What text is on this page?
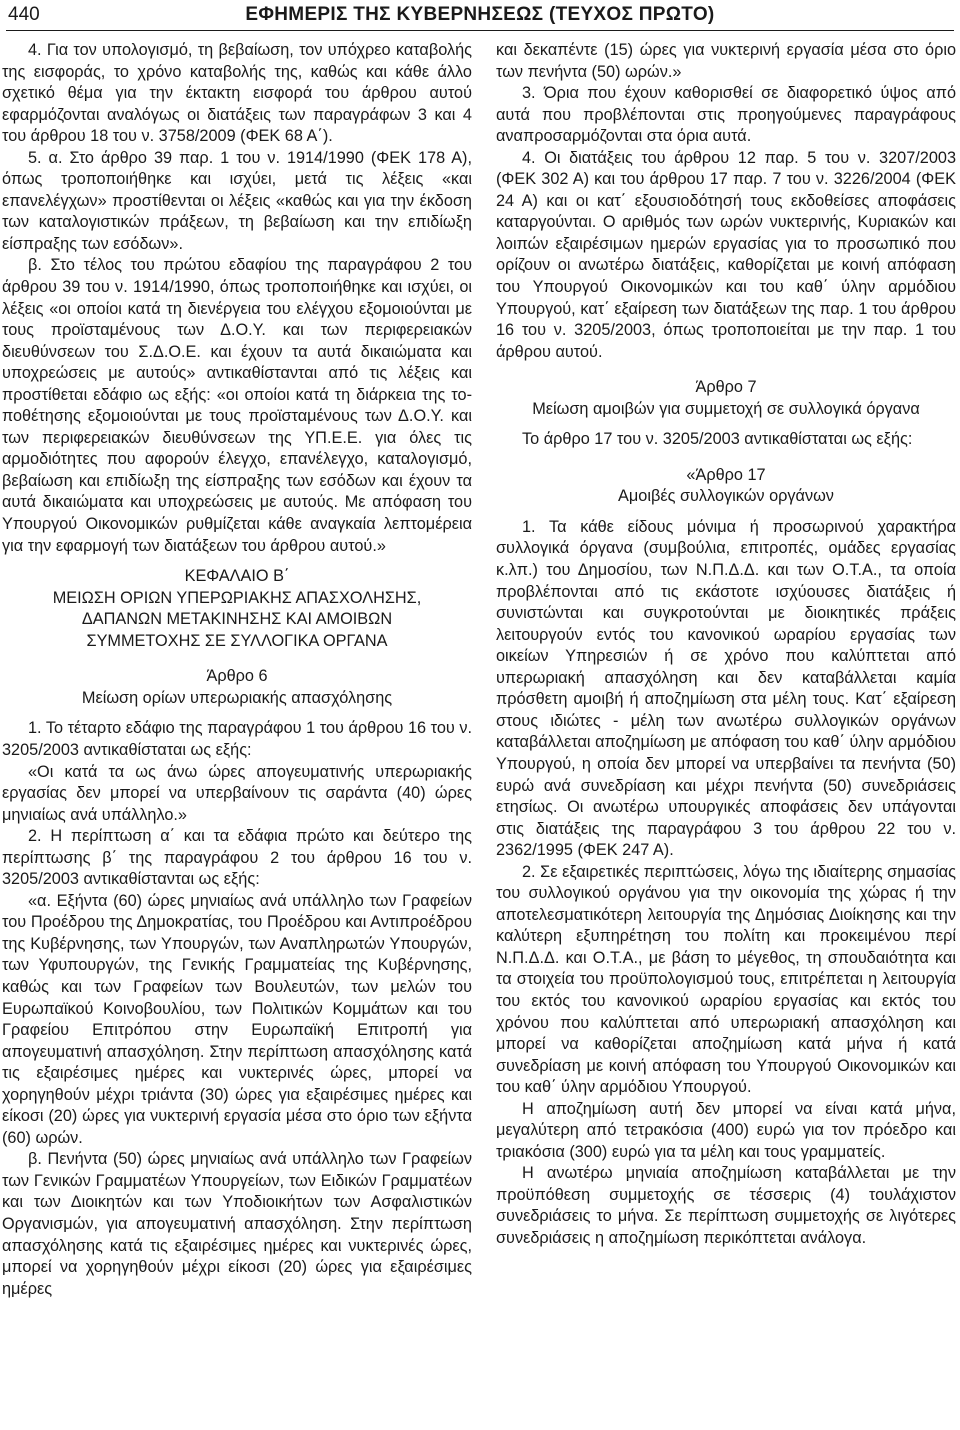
440	ΕΦΗΜΕΡΙΣ ΤΗΣ ΚΥΒΕΡΝΗΣΕΩΣ (ΤΕΥΧΟΣ ΠΡΩΤΟ)

4. Για τον υπολογισμό, τη βεβαίωση, τον υπόχρεο καταβολής της εισφοράς, το χρόνο καταβολής της, καθώς και κάθε άλλο σχετικό θέμα για την έκτακτη εισφορά του άρθρου αυτού εφαρμόζονται αναλόγως οι διατάξεις των παραγράφων 3 και 4 του άρθρου 18 του ν. 3758/2009 (ΦΕΚ 68 Α΄).

5. α. Στο άρθρο 39 παρ. 1 του ν. 1914/1990 (ΦΕΚ 178 Α), όπως τροποποιήθηκε και ισχύει, μετά τις λέξεις «και επανελέγχων» προστίθενται οι λέξεις «καθώς και για την έκδοση των καταλογιστικών πράξεων, τη βεβαίωση και την επιδίωξη είσπραξης των εσόδων».

β. Στο τέλος του πρώτου εδαφίου της παραγράφου 2 του άρθρου 39 του ν. 1914/1990, όπως τροποποιήθηκε και ισχύει, οι λέξεις «οι οποίοι κατά τη διενέργεια του ελέγχου εξομοιούνται με τους προϊσταμένους των Δ.Ο.Υ. και των περιφερειακών διευθύνσεων του Σ.Δ.Ο.Ε. και έχουν τα αυτά δικαιώματα και υποχρεώσεις με αυτούς» αντικαθίστανται από τις λέξεις και προστίθεται εδάφιο ως εξής: «οι οποίοι κατά τη διάρκεια της τοποθέτησης εξομοιούνται με τους προϊσταμένους των Δ.Ο.Υ. και των περιφερειακών διευθύνσεων της ΥΠ.Ε.Ε. για όλες τις αρμοδιότητες που αφορούν έλεγχο, επανέλεγχο, καταλογισμό, βεβαίωση και επιδίωξη της είσπραξης των εσόδων και έχουν τα αυτά δικαιώματα και υποχρεώσεις με αυτούς. Με απόφαση του Υπουργού Οικονομικών ρυθμίζεται κάθε αναγκαία λεπτομέρεια για την εφαρμογή των διατάξεων του άρθρου αυτού.»

ΚΕΦΑΛΑΙΟ Β΄

ΜΕΙΩΣΗ ΟΡΙΩΝ ΥΠΕΡΩΡΙΑΚΗΣ ΑΠΑΣΧΟΛΗΣΗΣ,

ΔΑΠΑΝΩΝ ΜΕΤΑΚΙΝΗΣΗΣ ΚΑΙ ΑΜΟΙΒΩΝ

ΣΥΜΜΕΤΟΧΗΣ ΣΕ ΣΥΛΛΟΓΙΚΑ ΟΡΓΑΝΑ

Άρθρο 6

Μείωση ορίων υπερωριακής απασχόλησης

1. Το τέταρτο εδάφιο της παραγράφου 1 του άρθρου 16 του ν. 3205/2003 αντικαθίσταται ως εξής:

«Οι κατά τα ως άνω ώρες απογευματινής υπερωριακής εργασίας δεν μπορεί να υπερβαίνουν τις σαράντα (40) ώρες μηνιαίως ανά υπάλληλο.»

2. Η περίπτωση α΄ και τα εδάφια πρώτο και δεύτερο της περίπτωσης β΄ της παραγράφου 2 του άρθρου 16 του ν. 3205/2003 αντικαθίστανται ως εξής:

«α. Εξήντα (60) ώρες μηνιαίως ανά υπάλληλο των Γραφείων του Προέδρου της Δημοκρατίας, του Προέδρου και Αντιπροέδρου της Κυβέρνησης, των Υπουργών, των Αναπληρωτών Υπουργών, των Υφυπουργών, της Γενικής Γραμματείας της Κυβέρνησης, καθώς και των Γραφείων των Βουλευτών, των μελών του Ευρωπαϊκού Κοινοβουλίου, των Πολιτικών Κομμάτων και του Γραφείου Επιτρόπου στην Ευρωπαϊκή Επιτροπή για απογευματινή απασχόληση. Στην περίπτωση απασχόλησης κατά τις εξαιρέσιμες ημέρες και νυκτερινές ώρες, μπορεί να χορηγηθούν μέχρι τριάντα (30) ώρες για εξαιρέσιμες ημέρες και είκοσι (20) ώρες για νυκτερινή εργασία μέσα στο όριο των εξήντα (60) ωρών.

β. Πενήντα (50) ώρες μηνιαίως ανά υπάλληλο των Γραφείων των Γενικών Γραμματέων Υπουργείων, των Ειδικών Γραμματέων και των Διοικητών και των Υποδιοικήτων των Ασφαλιστικών Οργανισμών, για απογευματινή απασχόληση. Στην περίπτωση απασχόλησης κατά τις εξαιρέσιμες ημέρες και νυκτερινές ώρες, μπορεί να χορηγηθούν μέχρι είκοσι (20) ώρες για εξαιρέσιμες ημέρες

και δεκαπέντε (15) ώρες για νυκτερινή εργασία μέσα στο όριο των πενήντα (50) ωρών.»

3. Όρια που έχουν καθορισθεί σε διαφορετικό ύψος από αυτά που προβλέπονται στις προηγούμενες παραγράφους αναπροσαρμόζονται στα όρια αυτά.

4. Οι διατάξεις του άρθρου 12 παρ. 5 του ν. 3207/2003 (ΦΕΚ 302 Α) και του άρθρου 17 παρ. 7 του ν. 3226/2004 (ΦΕΚ 24 Α) και οι κατ΄ εξουσιοδότησή τους εκδοθείσες αποφάσεις καταργούνται. Ο αριθμός των ωρών νυκτερινής, Κυριακών και λοιπών εξαιρέσιμων ημερών εργασίας για το προσωπικό που ορίζουν οι ανωτέρω διατάξεις, καθορίζεται με κοινή απόφαση του Υπουργού Οικονομικών και του καθ΄ ύλην αρμόδιου Υπουργού, κατ΄ εξαίρεση των διατάξεων της παρ. 1 του άρθρου 16 του ν. 3205/2003, όπως τροποποιείται με την παρ. 1 του άρθρου αυτού.

Άρθρο 7

Μείωση αμοιβών για συμμετοχή σε συλλογικά όργανα

Το άρθρο 17 του ν. 3205/2003 αντικαθίσταται ως εξής:

«Άρθρο 17

Αμοιβές συλλογικών οργάνων

1. Τα κάθε είδους μόνιμα ή προσωρινού χαρακτήρα συλλογικά όργανα (συμβούλια, επιτροπές, ομάδες εργασίας κ.λπ.) του Δημοσίου, των Ν.Π.Δ.Δ. και των Ο.Τ.Α., τα οποία προβλέπονται από τις εκάστοτε ισχύουσες διατάξεις ή συνιστώνται και συγκροτούνται με διοικητικές πράξεις λειτουργούν εντός του κανονικού ωραρίου εργασίας των οικείων Υπηρεσιών ή σε χρόνο που καλύπτεται από υπερωριακή απασχόληση και δεν καταβάλλεται καμία πρόσθετη αμοιβή ή αποζημίωση στα μέλη τους. Κατ΄ εξαίρεση στους ιδιώτες - μέλη των ανωτέρω συλλογικών οργάνων καταβάλλεται αποζημίωση με απόφαση του καθ΄ ύλην αρμόδιου Υπουργού, η οποία δεν μπορεί να υπερβαίνει τα πενήντα (50) ευρώ ανά συνεδρίαση και μέχρι πενήντα (50) συνεδριάσεις ετησίως. Οι ανωτέρω υπουργικές αποφάσεις δεν υπάγονται στις διατάξεις της παραγράφου 3 του άρθρου 22 του ν. 2362/1995 (ΦΕΚ 247 Α).

2. Σε εξαιρετικές περιπτώσεις, λόγω της ιδιαίτερης σημασίας του συλλογικού οργάνου για την οικονομία της χώρας ή την αποτελεσματικότερη λειτουργία της Δημόσιας Διοίκησης και την καλύτερη εξυπηρέτηση του πολίτη και προκειμένου περί Ν.Π.Δ.Δ. και Ο.Τ.Α., με βάση το μέγεθος, τη σπουδαιότητα και τα στοιχεία του προϋπολογισμού τους, επιτρέπεται η λειτουργία του εκτός του κανονικού ωραρίου εργασίας και εκτός του χρόνου που καλύπτεται από υπερωριακή απασχόληση και μπορεί να καθορίζεται αποζημίωση κατά μήνα ή κατά συνεδρίαση με κοινή απόφαση του Υπουργού Οικονομικών και του καθ΄ ύλην αρμόδιου Υπουργού.

Η αποζημίωση αυτή δεν μπορεί να είναι κατά μήνα, μεγαλύτερη από τετρακόσια (400) ευρώ για τον πρόεδρο και τριακόσια (300) ευρώ για τα μέλη και τους γραμματείς.

Η ανωτέρω μηνιαία αποζημίωση καταβάλλεται με την προϋπόθεση συμμετοχής σε τέσσερις (4) τουλάχιστον συνεδριάσεις το μήνα. Σε περίπτωση συμμετοχής σε λιγότερες συνεδριάσεις η αποζημίωση περικόπτεται ανάλογα.
